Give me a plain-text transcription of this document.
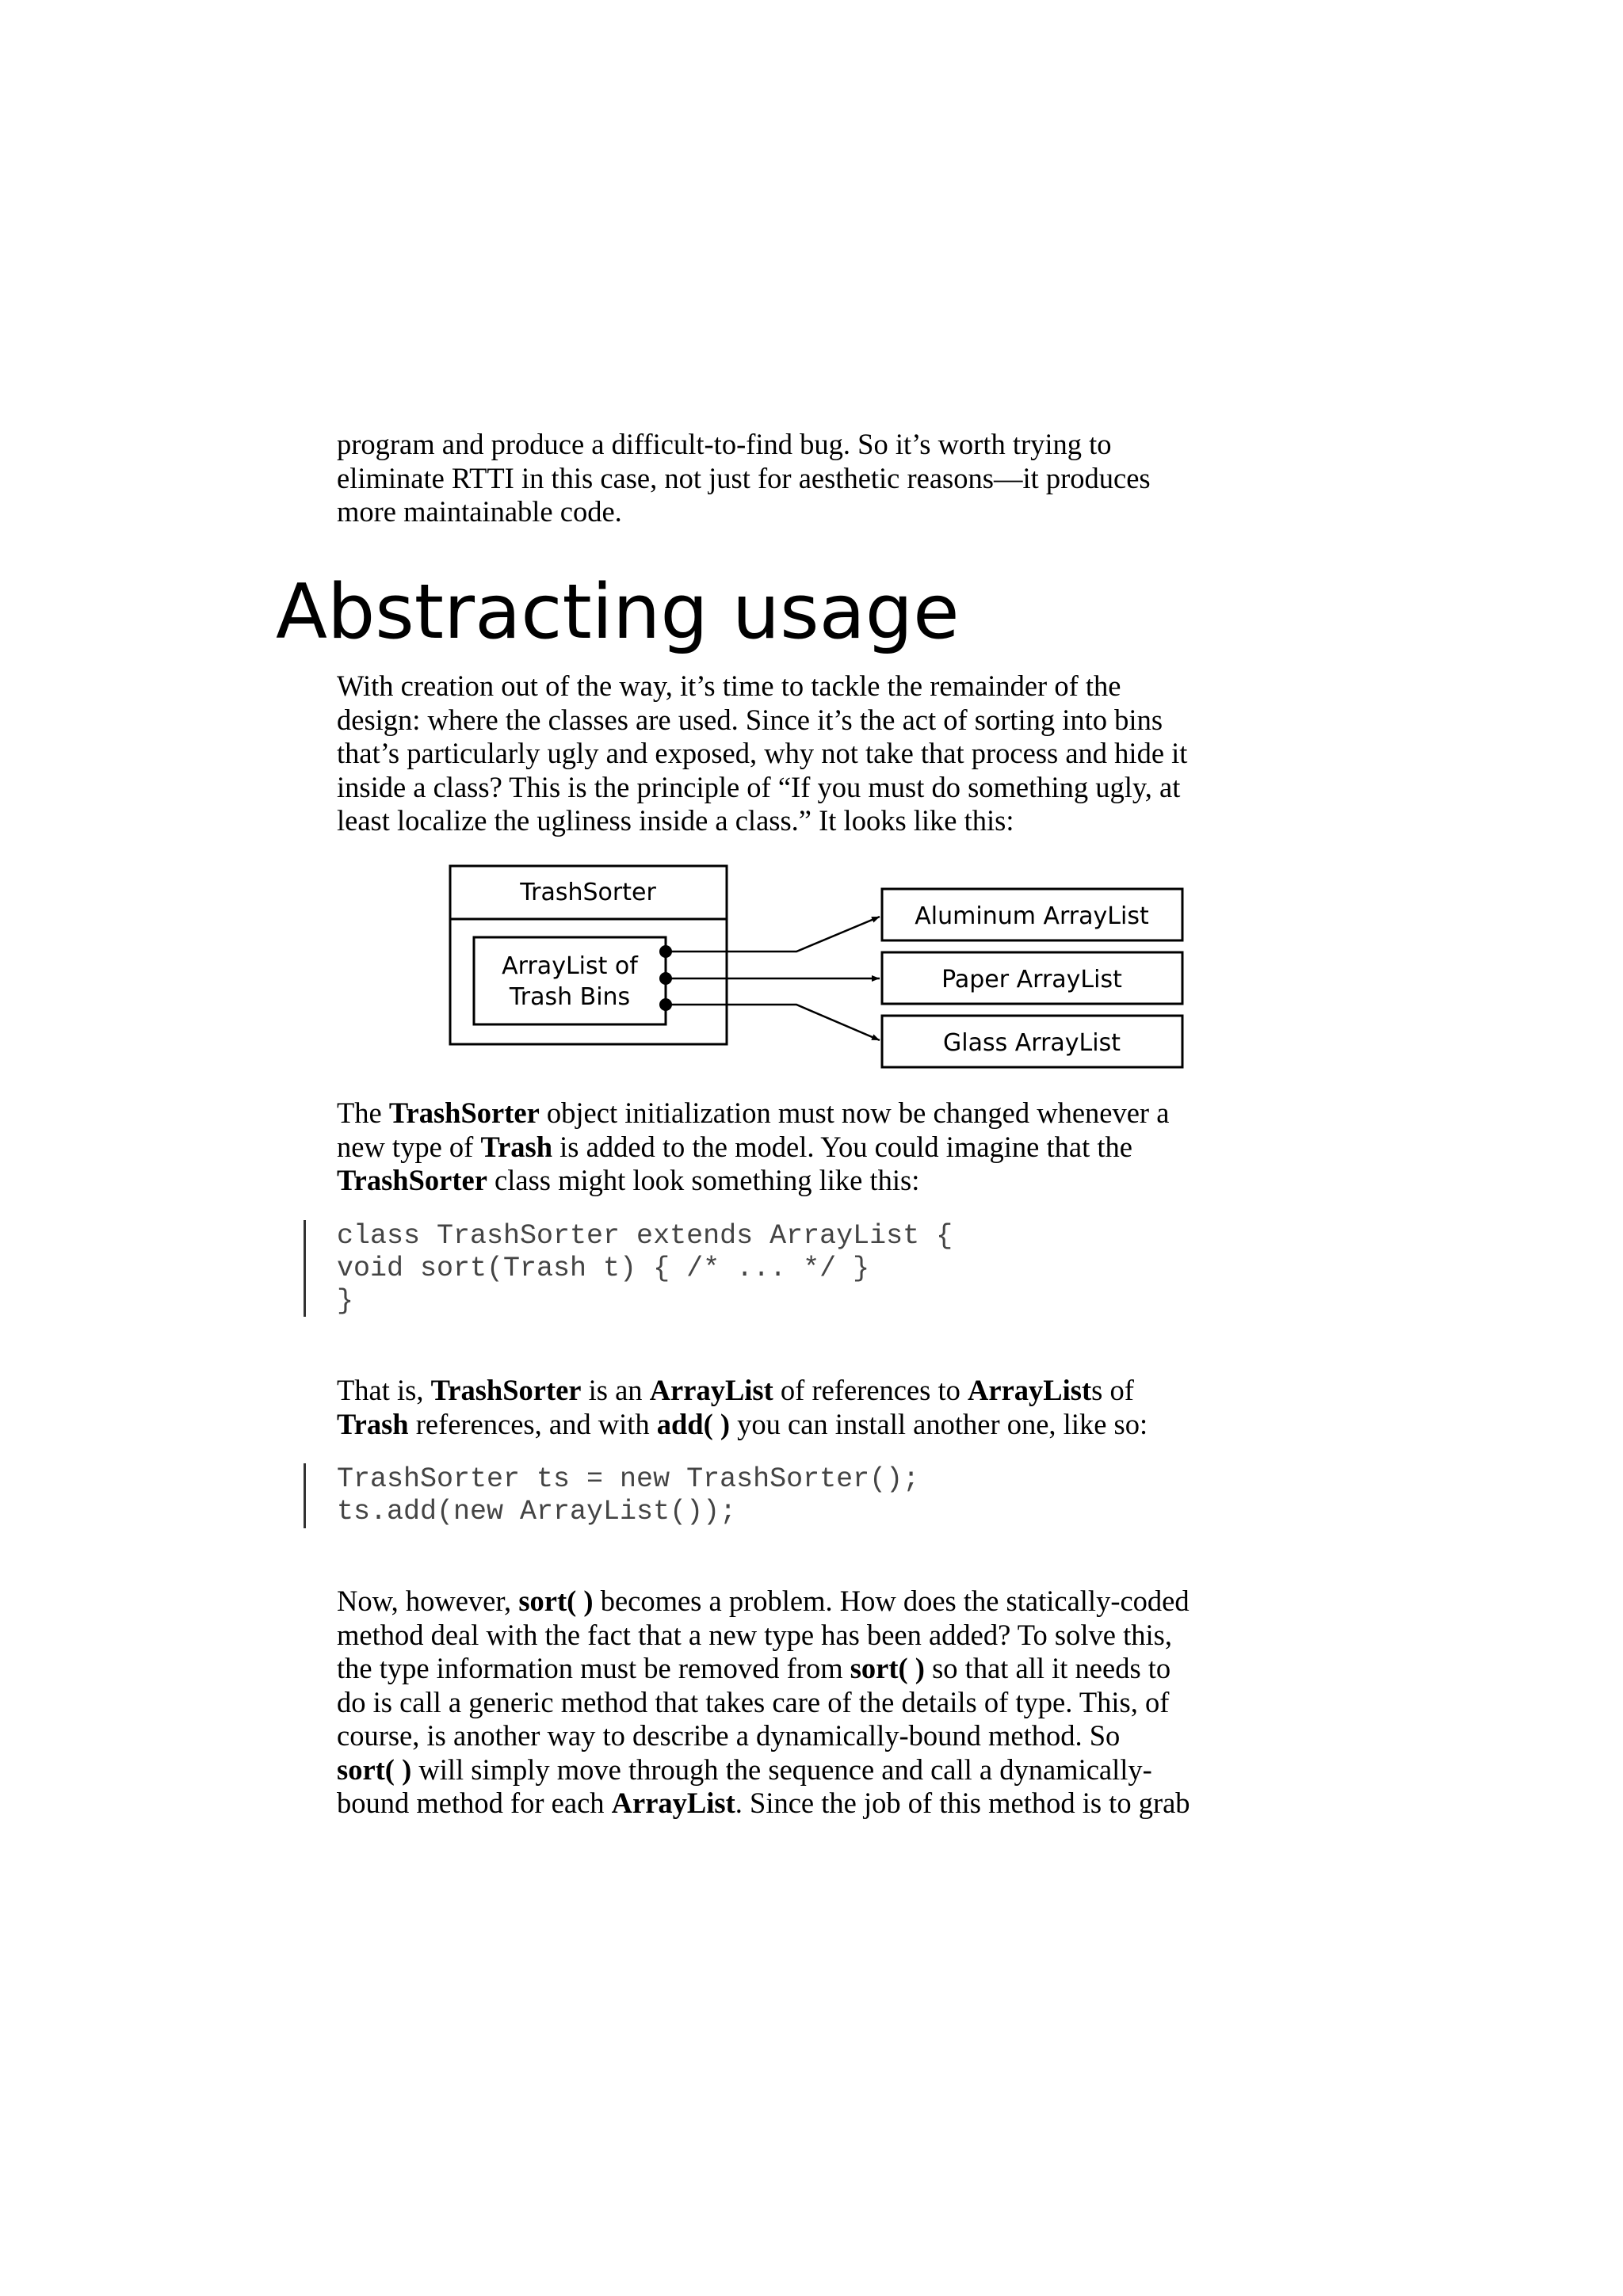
program and produce a difficult-to-find bug. So it’s worth trying to
eliminate RTTI in this case, not just for aesthetic reasons—it produces
more maintainable code.
Abstracting usage
With creation out of the way, it’s time to tackle the remainder of the
design: where the classes are used. Since it’s the act of sorting into bins
that’s particularly ugly and exposed, why not take that process and hide it
inside a class? This is the principle of “If you must do something ugly, at
least localize the ugliness inside a class.” It looks like this:
TrashSorter
ArrayList of
Trash Bins
Aluminum ArrayList
Paper ArrayList
Glass ArrayList
The TrashSorter object initialization must now be changed whenever a
new type of Trash is added to the model. You could imagine that the
TrashSorter class might look something like this:
class TrashSorter extends ArrayList {
void sort(Trash t) { /* ... */ }
}
That is, TrashSorter is an ArrayList of references to ArrayLists of
Trash references, and with add( ) you can install another one, like so:
TrashSorter ts = new TrashSorter();
ts.add(new ArrayList());
Now, however, sort( ) becomes a problem. How does the statically-coded
method deal with the fact that a new type has been added? To solve this,
the type information must be removed from sort( ) so that all it needs to
do is call a generic method that takes care of the details of type. This, of
course, is another way to describe a dynamically-bound method. So
sort( ) will simply move through the sequence and call a dynamically-
bound method for each ArrayList. Since the job of this method is to grab
